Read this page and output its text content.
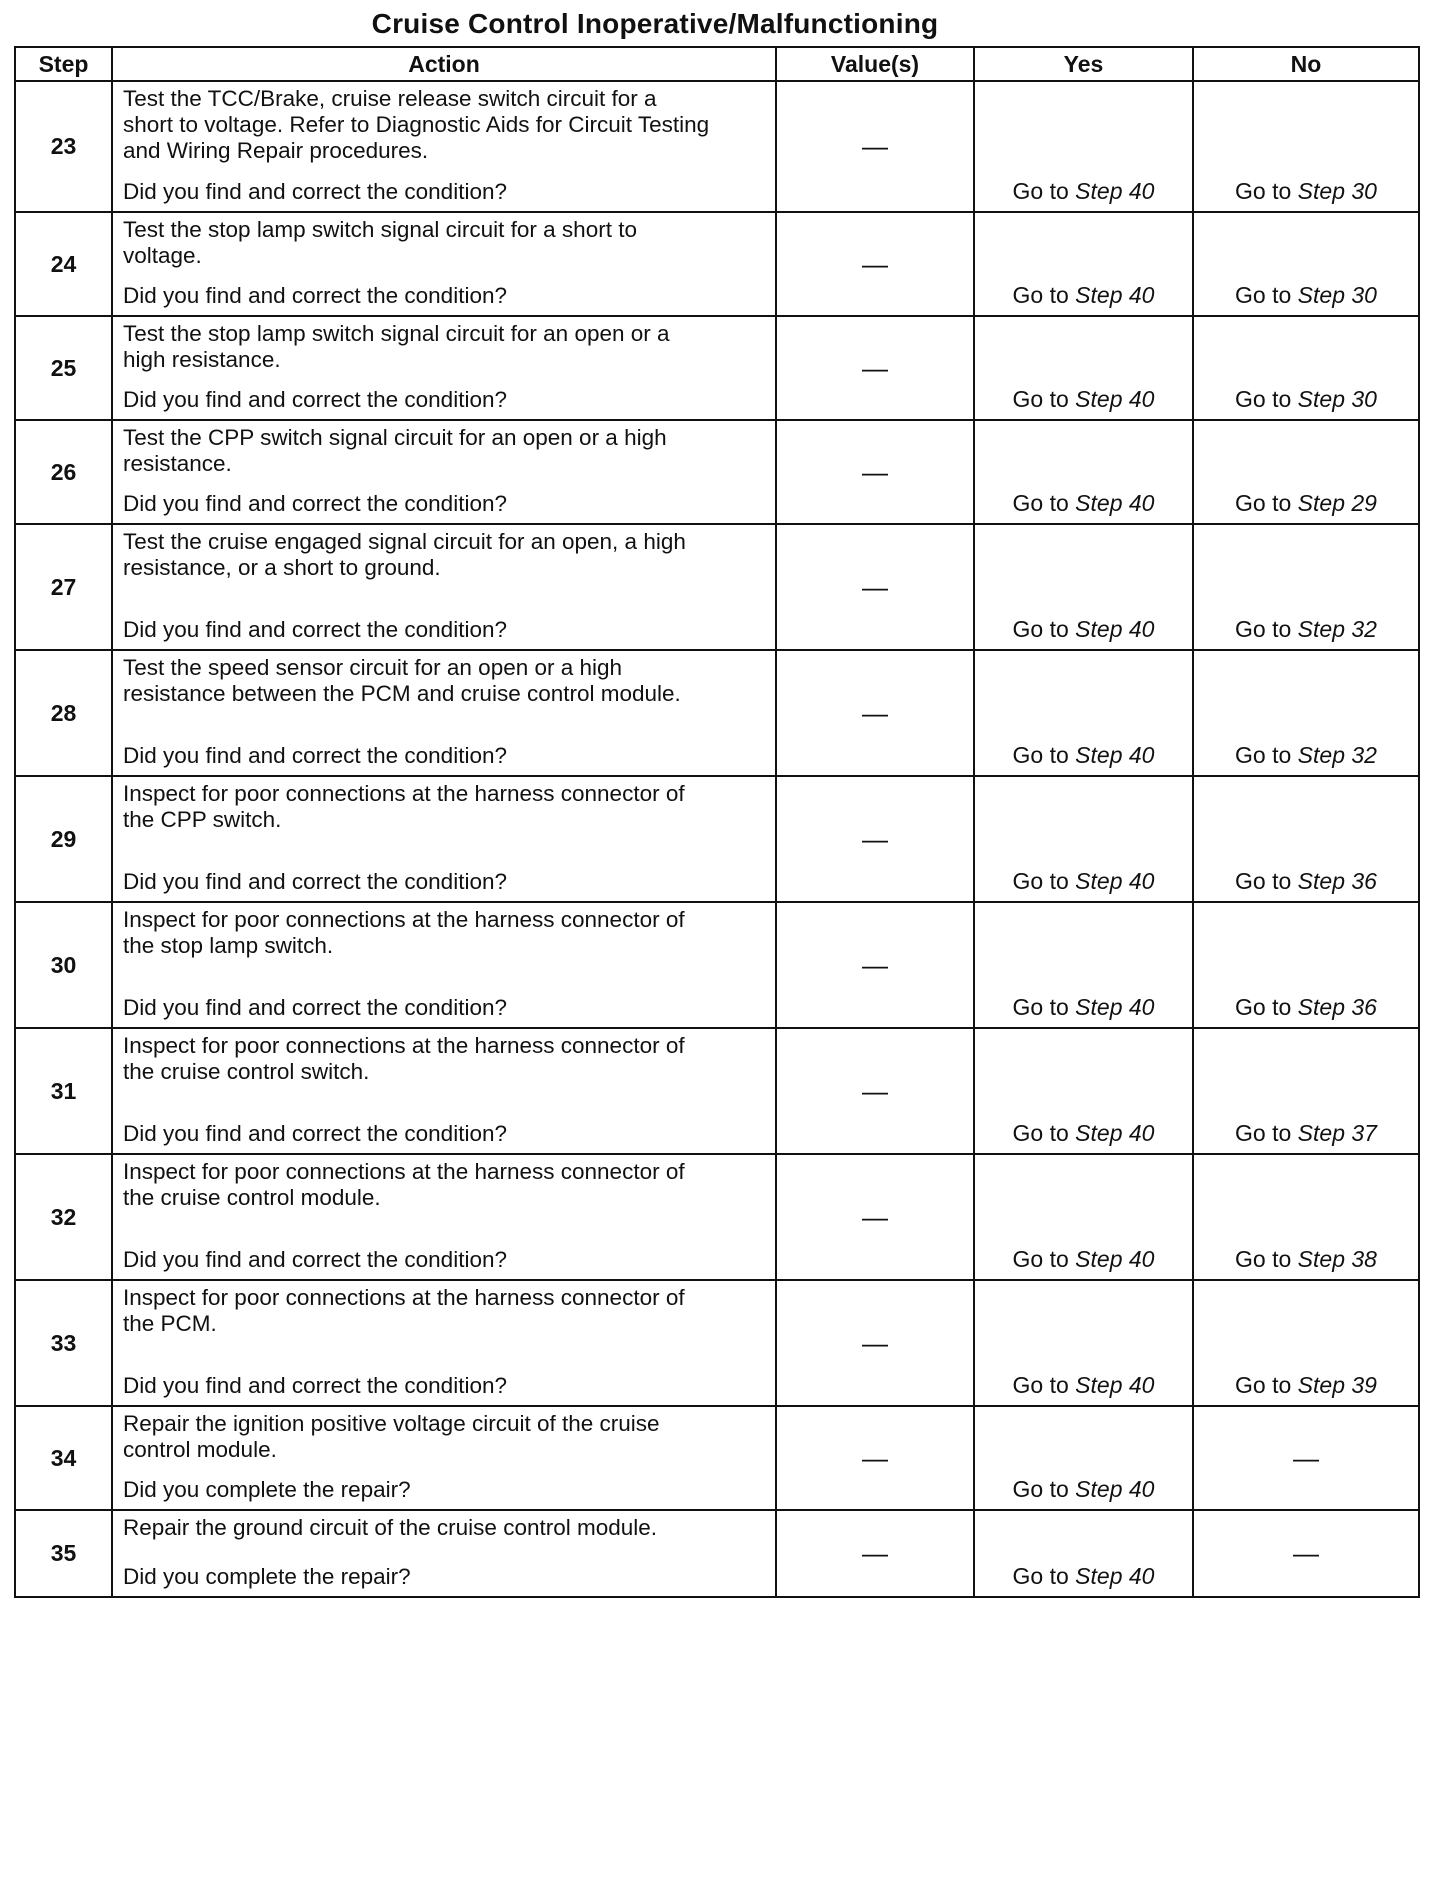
Cruise Control Inoperative/Malfunctioning
Step	Action	Value(s)	Yes	No
23	Test the TCC/Brake, cruise release switch circuit for a
short to voltage. Refer to Diagnostic Aids for Circuit Testing
and Wiring Repair procedures.
Did you find and correct the condition?	—	Go to Step 40	Go to Step 30
24	Test the stop lamp switch signal circuit for a short to
voltage.
Did you find and correct the condition?	—	Go to Step 40	Go to Step 30
25	Test the stop lamp switch signal circuit for an open or a
high resistance.
Did you find and correct the condition?	—	Go to Step 40	Go to Step 30
26	Test the CPP switch signal circuit for an open or a high
resistance.
Did you find and correct the condition?	—	Go to Step 40	Go to Step 29
27	Test the cruise engaged signal circuit for an open, a high
resistance, or a short to ground.
Did you find and correct the condition?	—	Go to Step 40	Go to Step 32
28	Test the speed sensor circuit for an open or a high
resistance between the PCM and cruise control module.
Did you find and correct the condition?	—	Go to Step 40	Go to Step 32
29	Inspect for poor connections at the harness connector of
the CPP switch.
Did you find and correct the condition?	—	Go to Step 40	Go to Step 36
30	Inspect for poor connections at the harness connector of
the stop lamp switch.
Did you find and correct the condition?	—	Go to Step 40	Go to Step 36
31	Inspect for poor connections at the harness connector of
the cruise control switch.
Did you find and correct the condition?	—	Go to Step 40	Go to Step 37
32	Inspect for poor connections at the harness connector of
the cruise control module.
Did you find and correct the condition?	—	Go to Step 40	Go to Step 38
33	Inspect for poor connections at the harness connector of
the PCM.
Did you find and correct the condition?	—	Go to Step 40	Go to Step 39
34	Repair the ignition positive voltage circuit of the cruise
control module.
Did you complete the repair?	—	Go to Step 40	—
35	Repair the ground circuit of the cruise control module.
Did you complete the repair?	—	Go to Step 40	—
